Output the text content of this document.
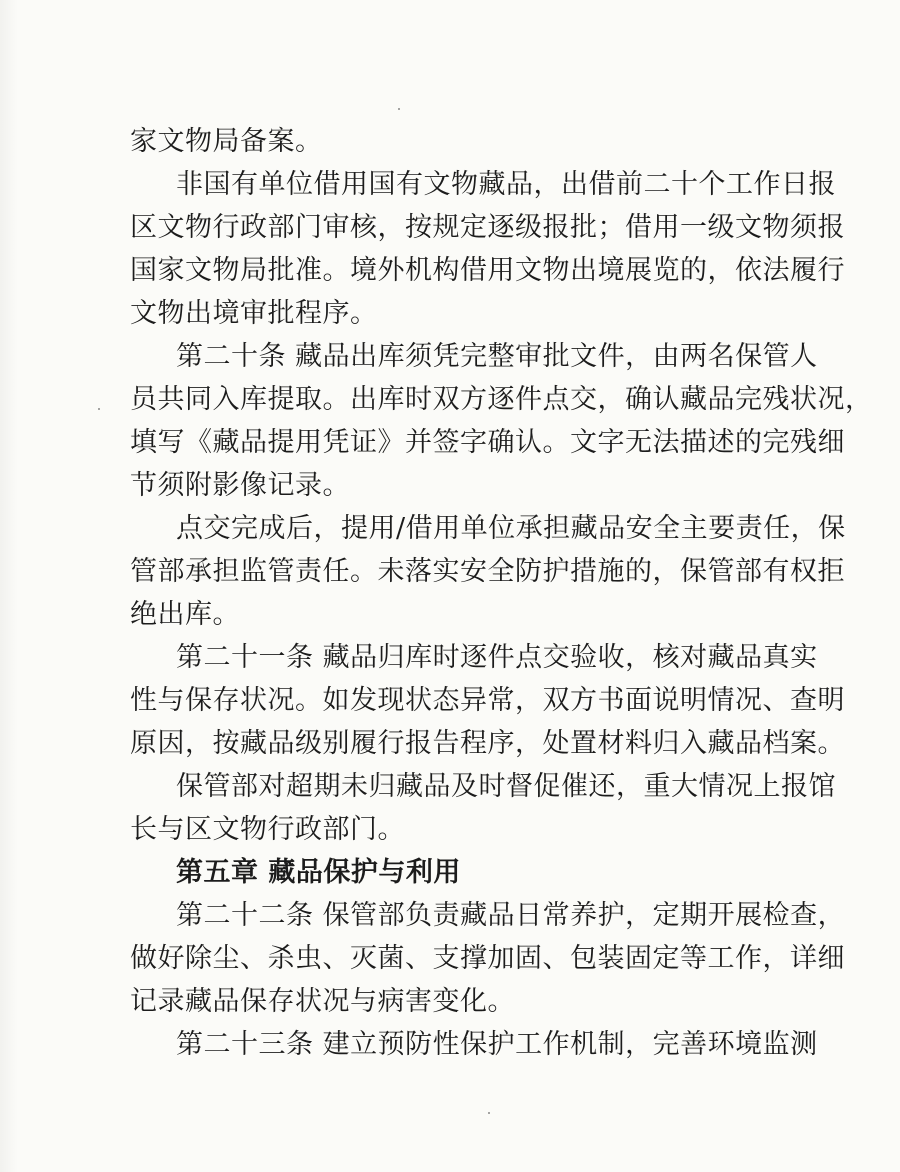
家文物局备案。
非国有单位借用国有文物藏品，出借前二十个工作日报
区文物行政部门审核，按规定逐级报批；借用一级文物须报
国家文物局批准。境外机构借用文物出境展览的，依法履行
文物出境审批程序。
第二十条 藏品出库须凭完整审批文件，由两名保管人
员共同入库提取。出库时双方逐件点交，确认藏品完残状况，
填写《藏品提用凭证》并签字确认。文字无法描述的完残细
节须附影像记录。
点交完成后，提用/借用单位承担藏品安全主要责任，保
管部承担监管责任。未落实安全防护措施的，保管部有权拒
绝出库。
第二十一条 藏品归库时逐件点交验收，核对藏品真实
性与保存状况。如发现状态异常，双方书面说明情况、查明
原因，按藏品级别履行报告程序，处置材料归入藏品档案。
保管部对超期未归藏品及时督促催还，重大情况上报馆
长与区文物行政部门。
第五章 藏品保护与利用
第二十二条 保管部负责藏品日常养护，定期开展检查，
做好除尘、杀虫、灭菌、支撑加固、包装固定等工作，详细
记录藏品保存状况与病害变化。
第二十三条 建立预防性保护工作机制，完善环境监测
